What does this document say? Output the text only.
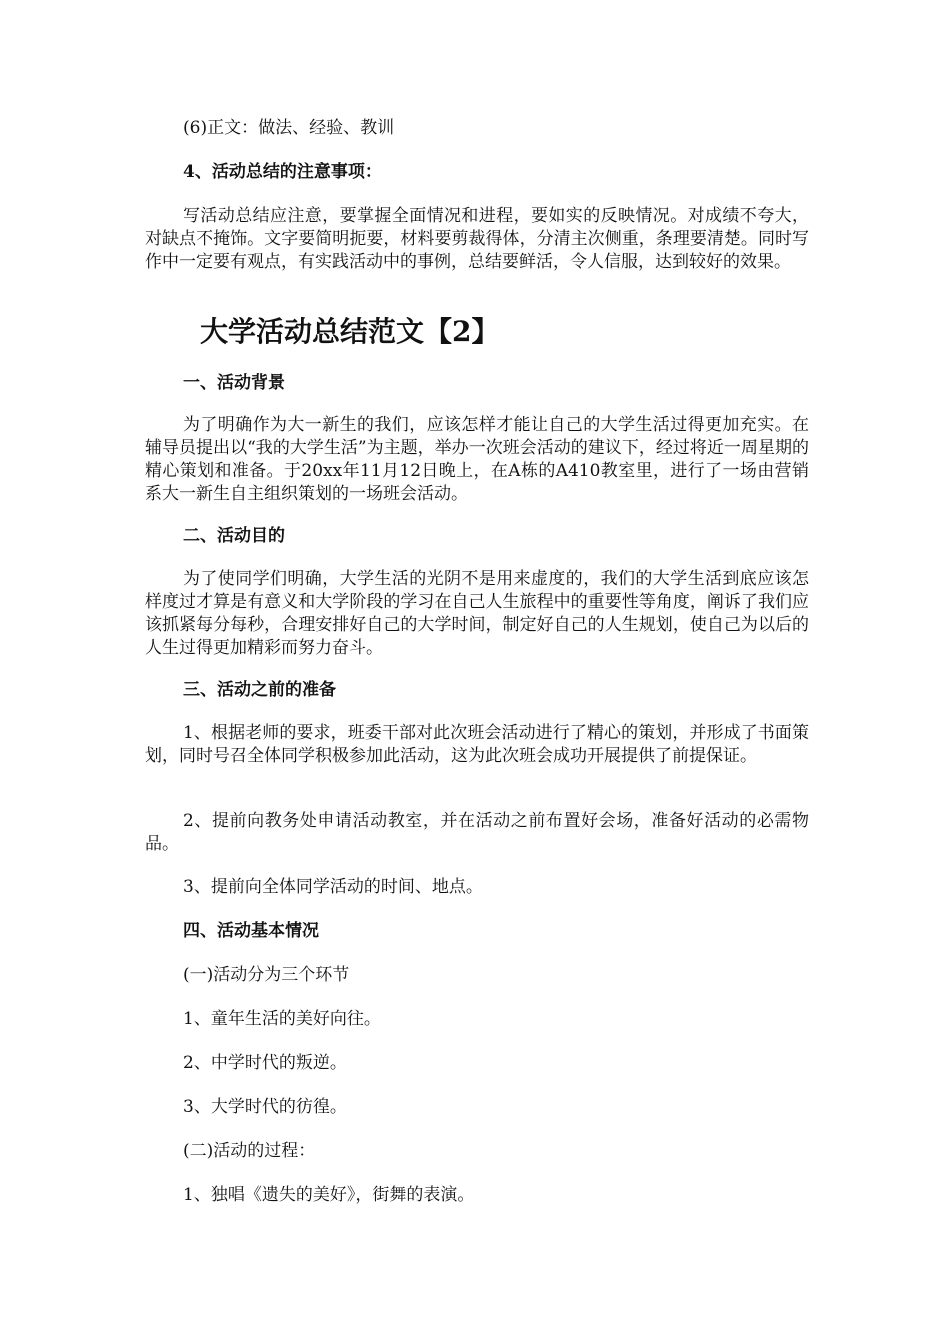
(6)正文：做法、经验、教训

4、活动总结的注意事项：

写活动总结应注意，要掌握全面情况和进程，要如实的反映情况。对成绩不夸大，对缺点不掩饰。文字要简明扼要，材料要剪裁得体，分清主次侧重，条理要清楚。同时写作中一定要有观点，有实践活动中的事例，总结要鲜活，令人信服，达到较好的效果。

大学活动总结范文【2】

一、活动背景

为了明确作为大一新生的我们，应该怎样才能让自己的大学生活过得更加充实。在辅导员提出以“我的大学生活”为主题，举办一次班会活动的建议下，经过将近一周星期的精心策划和准备。于20xx年11月12日晚上，在A栋的A410教室里，进行了一场由营销系大一新生自主组织策划的一场班会活动。

二、活动目的

为了使同学们明确，大学生活的光阴不是用来虚度的，我们的大学生活到底应该怎样度过才算是有意义和大学阶段的学习在自己人生旅程中的重要性等角度，阐诉了我们应该抓紧每分每秒，合理安排好自己的大学时间，制定好自己的人生规划，使自己为以后的人生过得更加精彩而努力奋斗。

三、活动之前的准备

1、根据老师的要求，班委干部对此次班会活动进行了精心的策划，并形成了书面策划，同时号召全体同学积极参加此活动，这为此次班会成功开展提供了前提保证。

2、提前向教务处申请活动教室，并在活动之前布置好会场，准备好活动的必需物品。

3、提前向全体同学活动的时间、地点。

四、活动基本情况

(一)活动分为三个环节

1、童年生活的美好向往。

2、中学时代的叛逆。

3、大学时代的彷徨。

(二)活动的过程：

1、独唱《遗失的美好》，街舞的表演。
